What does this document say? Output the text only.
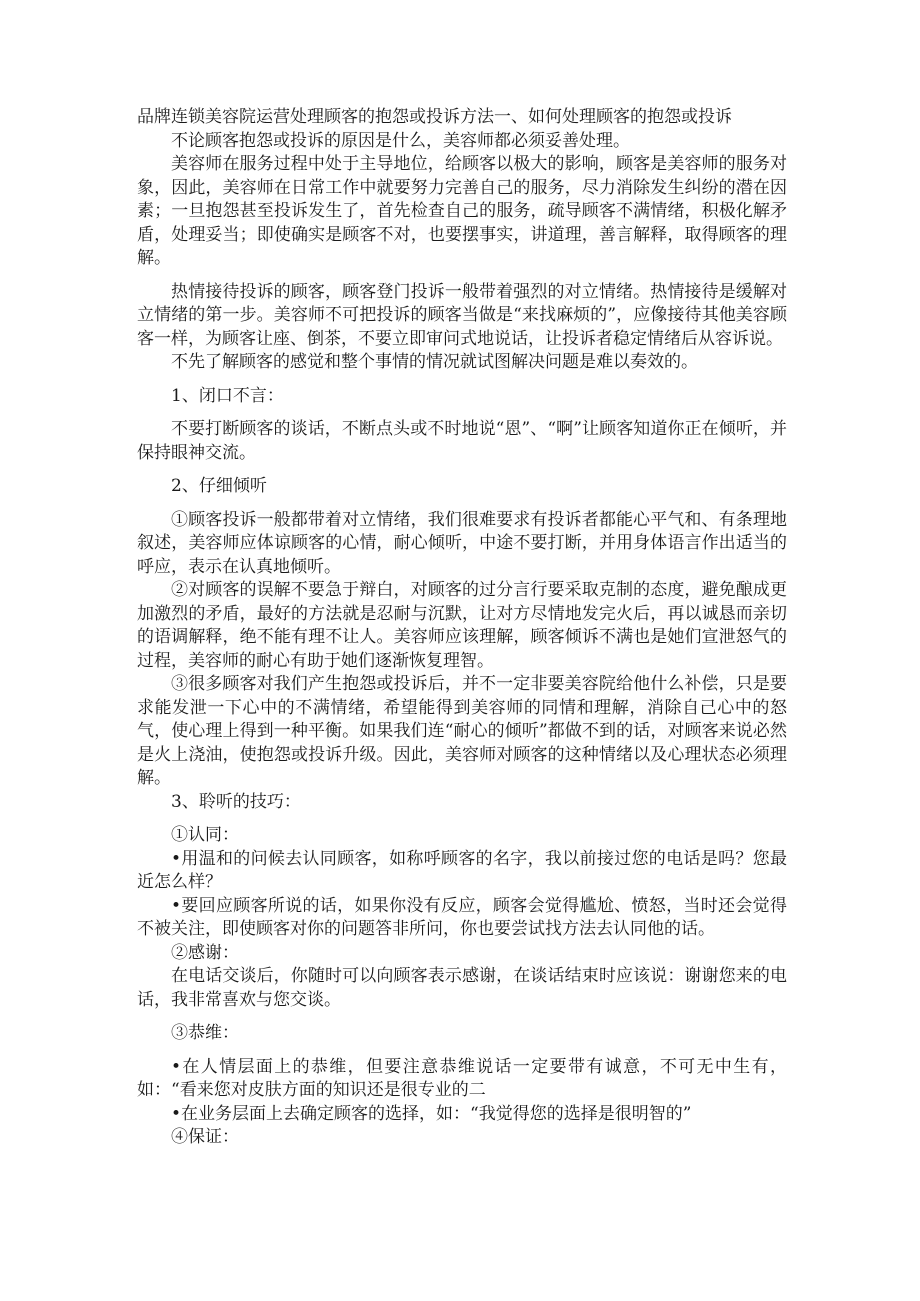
品牌连锁美容院运营处理顾客的抱怨或投诉方法一、如何处理顾客的抱怨或投诉

不论顾客抱怨或投诉的原因是什么，美容师都必须妥善处理。

美容师在服务过程中处于主导地位，给顾客以极大的影响，顾客是美容师的服务对象，因此，美容师在日常工作中就要努力完善自己的服务，尽力消除发生纠纷的潜在因素；一旦抱怨甚至投诉发生了，首先检查自己的服务，疏导顾客不满情绪，积极化解矛盾，处理妥当；即使确实是顾客不对，也要摆事实，讲道理，善言解释，取得顾客的理解。

热情接待投诉的顾客，顾客登门投诉一般带着强烈的对立情绪。热情接待是缓解对立情绪的第一步。美容师不可把投诉的顾客当做是“来找麻烦的”，应像接待其他美容顾客一样，为顾客让座、倒茶，不要立即审问式地说话，让投诉者稳定情绪后从容诉说。

不先了解顾客的感觉和整个事情的情况就试图解决问题是难以奏效的。

1、闭口不言：

不要打断顾客的谈话，不断点头或不时地说“恩”、“啊”让顾客知道你正在倾听，并保持眼神交流。

2、仔细倾听

①顾客投诉一般都带着对立情绪，我们很难要求有投诉者都能心平气和、有条理地叙述，美容师应体谅顾客的心情，耐心倾听，中途不要打断，并用身体语言作出适当的呼应，表示在认真地倾听。

②对顾客的误解不要急于辩白，对顾客的过分言行要采取克制的态度，避免酿成更加激烈的矛盾，最好的方法就是忍耐与沉默，让对方尽情地发完火后，再以诚恳而亲切的语调解释，绝不能有理不让人。美容师应该理解，顾客倾诉不满也是她们宣泄怒气的过程，美容师的耐心有助于她们逐渐恢复理智。

③很多顾客对我们产生抱怨或投诉后，并不一定非要美容院给他什么补偿，只是要求能发泄一下心中的不满情绪，希望能得到美容师的同情和理解，消除自己心中的怒气，使心理上得到一种平衡。如果我们连“耐心的倾听”都做不到的话，对顾客来说必然是火上浇油，使抱怨或投诉升级。因此，美容师对顾客的这种情绪以及心理状态必须理解。

3、聆听的技巧：

①认同：

•用温和的问候去认同顾客，如称呼顾客的名字，我以前接过您的电话是吗？您最近怎么样？

•要回应顾客所说的话，如果你没有反应，顾客会觉得尴尬、愤怒，当时还会觉得不被关注，即使顾客对你的问题答非所问，你也要尝试找方法去认同他的话。

②感谢：

在电话交谈后，你随时可以向顾客表示感谢，在谈话结束时应该说：谢谢您来的电话，我非常喜欢与您交谈。

③恭维：

•在人情层面上的恭维，但要注意恭维说话一定要带有诚意，不可无中生有，如：“看来您对皮肤方面的知识还是很专业的二

•在业务层面上去确定顾客的选择，如：“我觉得您的选择是很明智的”

④保证：
